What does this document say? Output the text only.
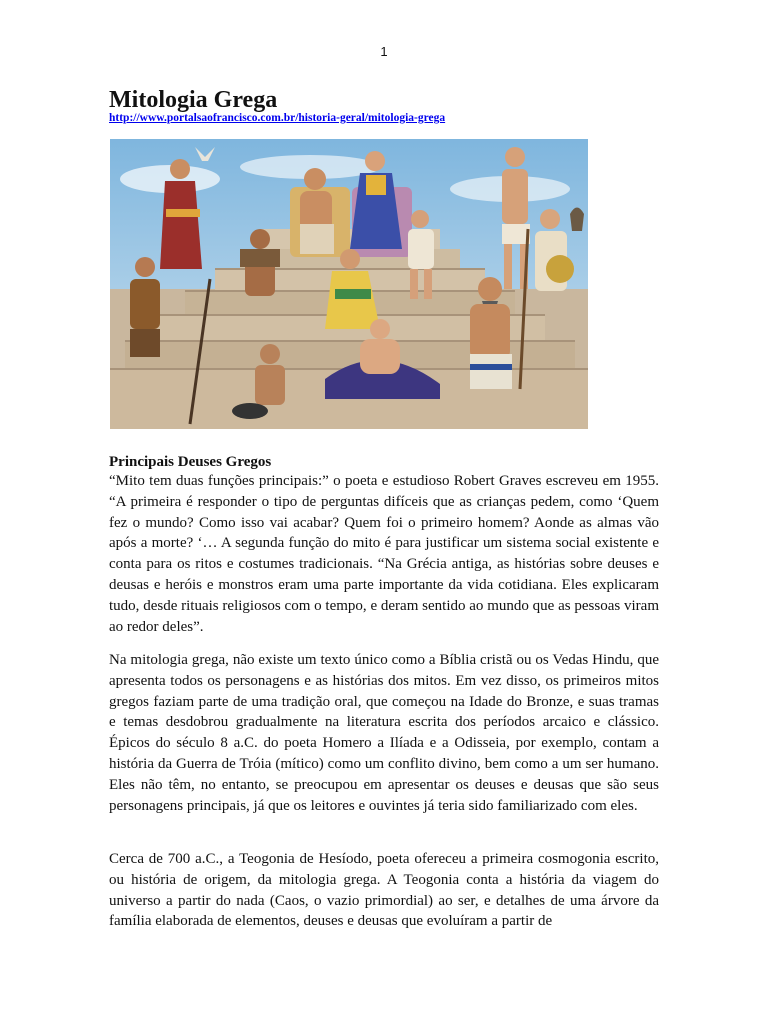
1
Mitologia Grega
http://www.portalsaofrancisco.com.br/historia-geral/mitologia-grega
Principais Deuses Gregos

“Mito tem duas funções principais:” o poeta e estudioso Robert Graves escreveu em 1955. “A primeira é responder o tipo de perguntas difíceis que as crianças pedem, como ‘Quem fez o mundo? Como isso vai acabar? Quem foi o primeiro homem? Aonde as almas vão após a morte? ‘… A segunda função do mito é para justificar um sistema social existente e conta para os ritos e costumes tradicionais. “Na Grécia antiga, as histórias sobre deuses e deusas e heróis e monstros eram uma parte importante da vida cotidiana. Eles explicaram tudo, desde rituais religiosos com o tempo, e deram sentido ao mundo que as pessoas viram ao redor deles”.

Na mitologia grega, não existe um texto único como a Bíblia cristã ou os Vedas Hindu, que apresenta todos os personagens e as histórias dos mitos. Em vez disso, os primeiros mitos gregos faziam parte de uma tradição oral, que começou na Idade do Bronze, e suas tramas e temas desdobrou gradualmente na literatura escrita dos períodos arcaico e clássico. Épicos do século 8 a.C. do poeta Homero a Ilíada e a Odisseia, por exemplo, contam a história da Guerra de Tróia (mítico) como um conflito divino, bem como a um ser humano. Eles não têm, no entanto, se preocupou em apresentar os deuses e deusas que são seus personagens principais, já que os leitores e ouvintes já teria sido familiarizado com eles.

Cerca de 700 a.C., a Teogonia de Hesíodo, poeta ofereceu a primeira cosmogonia escrito, ou história de origem, da mitologia grega. A Teogonia conta a história da viagem do universo a partir do nada (Caos, o vazio primordial) ao ser, e detalhes de uma árvore da família elaborada de elementos, deuses e deusas que evoluíram a partir de
